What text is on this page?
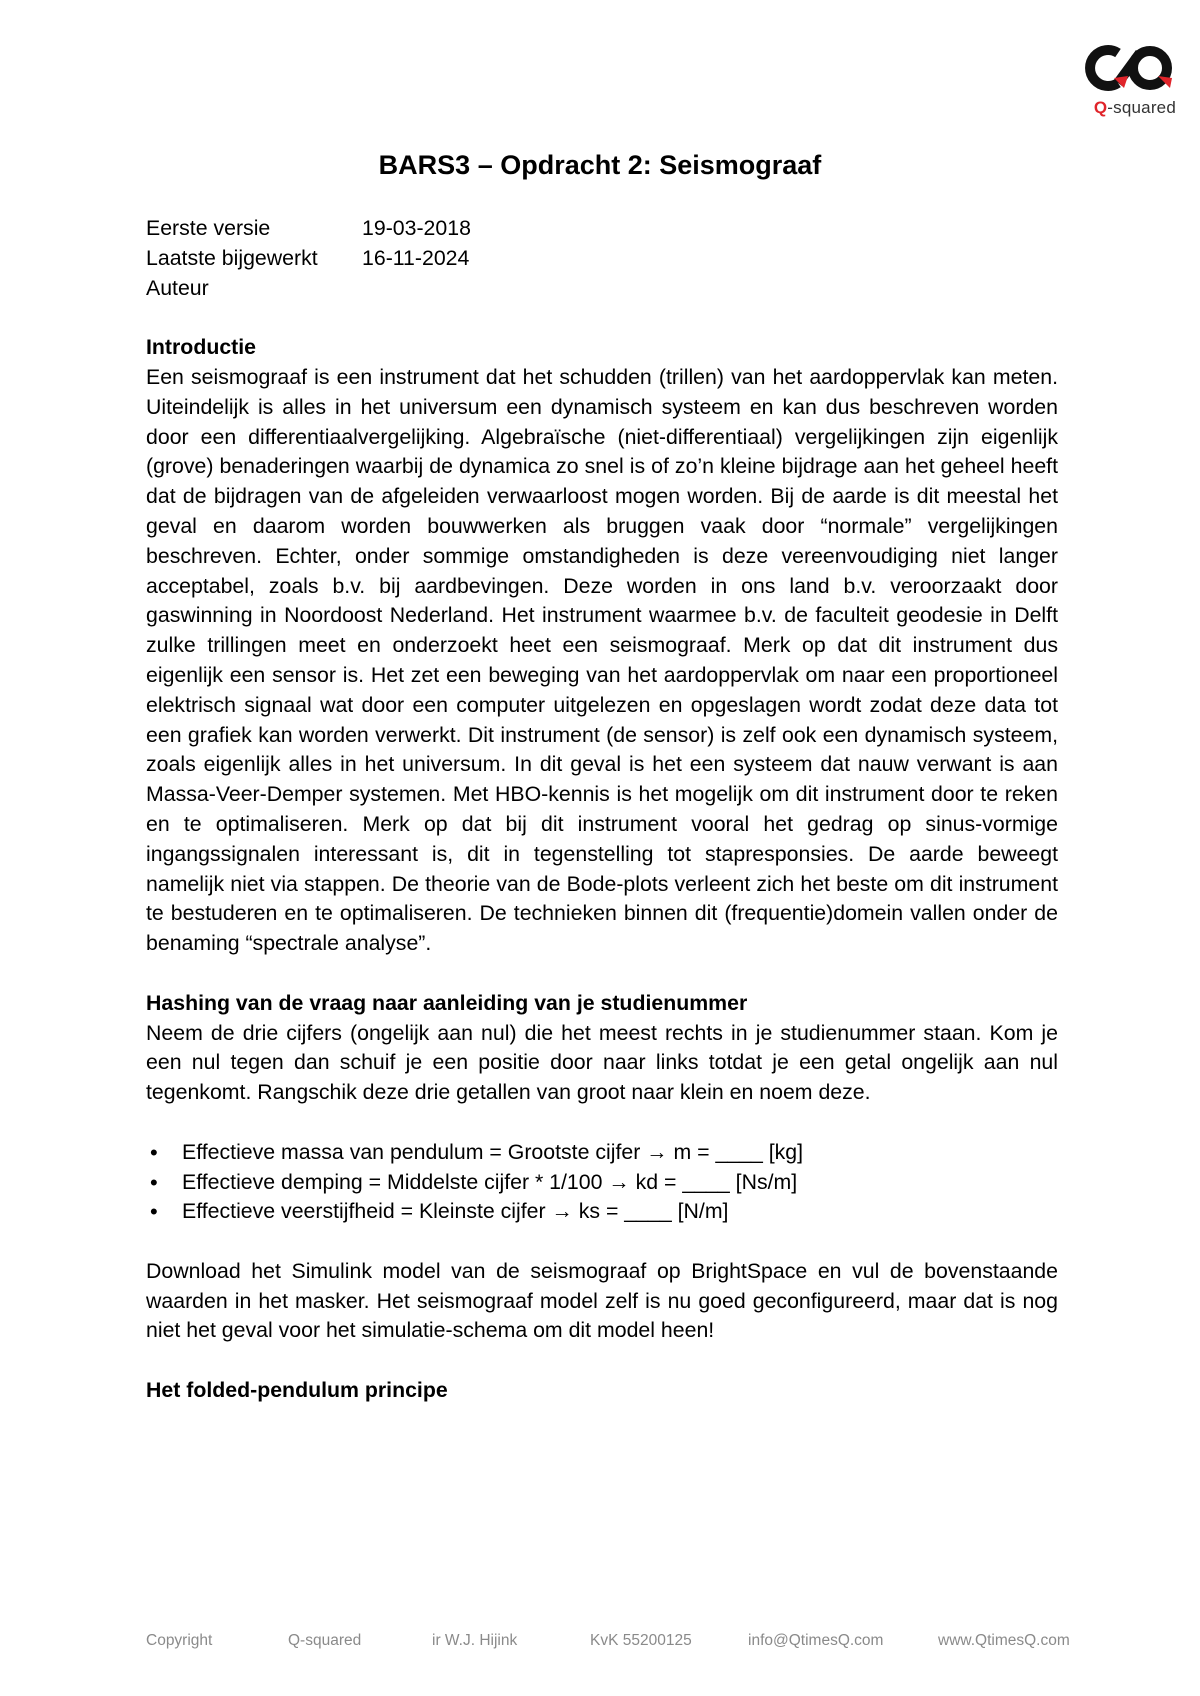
Q-squared
BARS3 – Opdracht 2: Seismograaf
Eerste versie	19-03-2018
Laatste bijgewerkt	16-11-2024
Auteur
Introductie
Een seismograaf is een instrument dat het schudden (trillen) van het aardoppervlak kan meten. Uiteindelijk is alles in het universum een dynamisch systeem en kan dus beschreven worden door een differentiaalvergelijking. Algebraïsche (niet-differentiaal) vergelijkingen zijn eigenlijk (grove) benaderingen waarbij de dynamica zo snel is of zo’n kleine bijdrage aan het geheel heeft dat de bijdragen van de afgeleiden verwaarloost mogen worden. Bij de aarde is dit meestal het geval en daarom worden bouwwerken als bruggen vaak door “normale” vergelijkingen beschreven. Echter, onder sommige omstandigheden is deze vereenvoudiging niet langer acceptabel, zoals b.v. bij aardbevingen. Deze worden in ons land b.v. veroorzaakt door gaswinning in Noordoost Nederland. Het instrument waarmee b.v. de faculteit geodesie in Delft zulke trillingen meet en onderzoekt heet een seismograaf. Merk op dat dit instrument dus eigenlijk een sensor is. Het zet een beweging van het aardoppervlak om naar een proportioneel elektrisch signaal wat door een computer uitgelezen en opgeslagen wordt zodat deze data tot een grafiek kan worden verwerkt. Dit instrument (de sensor) is zelf ook een dynamisch systeem, zoals eigenlijk alles in het universum. In dit geval is het een systeem dat nauw verwant is aan Massa-Veer-Demper systemen. Met HBO-kennis is het mogelijk om dit instrument door te reken en te optimaliseren. Merk op dat bij dit instrument vooral het gedrag op sinus-vormige ingangssignalen interessant is, dit in tegenstelling tot stapresponsies. De aarde beweegt namelijk niet via stappen. De theorie van de Bode-plots verleent zich het beste om dit instrument te bestuderen en te optimaliseren. De technieken binnen dit (frequentie)domein vallen onder de benaming “spectrale analyse”.
Hashing van de vraag naar aanleiding van je studienummer
Neem de drie cijfers (ongelijk aan nul) die het meest rechts in je studienummer staan. Kom je een nul tegen dan schuif je een positie door naar links totdat je een getal ongelijk aan nul tegenkomt. Rangschik deze drie getallen van groot naar klein en noem deze.
• Effectieve massa van pendulum = Grootste cijfer → m = ____ [kg]
• Effectieve demping = Middelste cijfer * 1/100 → kd = ____ [Ns/m]
• Effectieve veerstijfheid = Kleinste cijfer → ks = ____ [N/m]
Download het Simulink model van de seismograaf op BrightSpace en vul de bovenstaande waarden in het masker. Het seismograaf model zelf is nu goed geconfigureerd, maar dat is nog niet het geval voor het simulatie-schema om dit model heen!
Het folded-pendulum principe
Copyright	Q-squared	ir W.J. Hijink	KvK 55200125	info@QtimesQ.com	www.QtimesQ.com
